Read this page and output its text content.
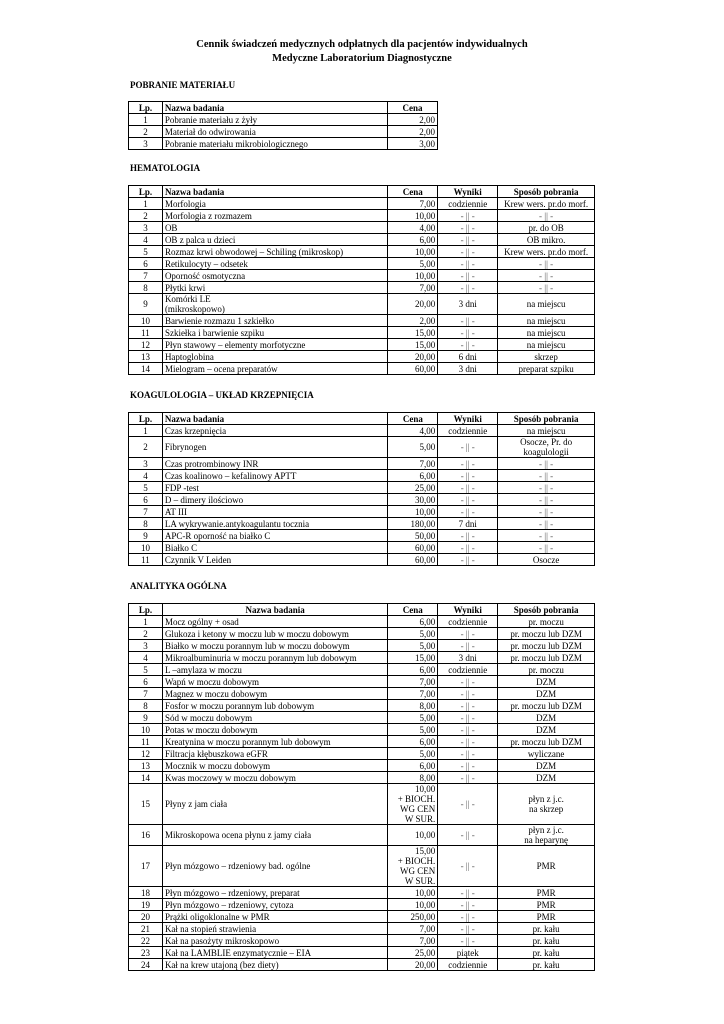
Cennik świadczeń medycznych odpłatnych dla pacjentów indywidualnych
Medyczne Laboratorium Diagnostyczne
POBRANIE MATERIAŁU
Lp.	Nazwa badania	Cena
1	Pobranie materiału z żyły	2,00
2	Materiał do odwirowania	2,00
3	Pobranie materiału mikrobiologicznego	3,00
HEMATOLOGIA
Lp.	Nazwa badania	Cena	Wyniki	Sposób pobrania
1	Morfologia	7,00	codziennie	Krew wers. pr.do morf.
2	Morfologia z rozmazem	10,00	- || -	- || -
3	OB	4,00	- || -	pr. do OB
4	OB z palca u dzieci	6,00	- || -	OB mikro.
5	Rozmaz krwi obwodowej – Schiling (mikroskop)	10,00	- || -	Krew wers. pr.do morf.
6	Retikulocyty – odsetek	5,00	- || -	- || -
7	Oporność osmotyczna	10,00	- || -	- || -
8	Płytki krwi	7,00	- || -	- || -
9	Komórki LE
(mikroskopowo)	20,00	3 dni	na miejscu
10	Barwienie rozmazu 1 szkiełko	2,00	- || -	na miejscu
11	Szkiełka i barwienie szpiku	15,00	- || -	na miejscu
12	Płyn stawowy – elementy morfotyczne	15,00	- || -	na miejscu
13	Haptoglobina	20,00	6 dni	skrzep
14	Mielogram – ocena preparatów	60,00	3 dni	preparat szpiku
KOAGULOLOGIA – UKŁAD KRZEPNIĘCIA
Lp.	Nazwa badania	Cena	Wyniki	Sposób pobrania
1	Czas krzepnięcia	4,00	codziennie	na miejscu
2	Fibrynogen	5,00	- || -	Osocze, Pr. do
koagulologii
3	Czas protrombinowy INR	7,00	- || -	- || -
4	Czas koalinowo – kefalinowy APTT	6,00	- || -	- || -
5	FDP -test	25,00	- || -	- || -
6	D – dimery ilościowo	30,00	- || -	- || -
7	AT III	10,00	- || -	- || -
8	LA wykrywanie.antykoagulantu tocznia	180,00	7 dni	- || -
9	APC-R oporność na białko C	50,00	- || -	- || -
10	Białko C	60,00	- || -	- || -
11	Czynnik V Leiden	60,00	- || -	Osocze
ANALITYKA OGÓLNA
Lp.	Nazwa badania	Cena	Wyniki	Sposób pobrania
1	Mocz ogólny + osad	6,00	codziennie	pr. moczu
2	Glukoza i ketony w moczu lub w moczu dobowym	5,00	- || -	pr. moczu lub DZM
3	Białko w moczu porannym lub w moczu dobowym	5,00	- || -	pr. moczu lub DZM
4	Mikroalbuminuria w moczu porannym lub dobowym	15,00	3 dni	pr. moczu lub DZM
5	L –amylaza w moczu	6,00	codziennie	pr. moczu
6	Wapń w moczu dobowym	7,00	- || -	DZM
7	Magnez w moczu dobowym	7,00	- || -	DZM
8	Fosfor w moczu porannym lub dobowym	8,00	- || -	pr. moczu lub DZM
9	Sód w moczu dobowym	5,00	- || -	DZM
10	Potas w moczu dobowym	5,00	- || -	DZM
11	Kreatynina w moczu porannym lub dobowym	6,00	- || -	pr. moczu lub DZM
12	Filtracja kłębuszkowa eGFR	5,00	- || -	wyliczane
13	Mocznik w moczu dobowym	6,00	- || -	DZM
14	Kwas moczowy w moczu dobowym	8,00	- || -	DZM
15	Płyny z jam ciała	10,00
+ BIOCH.
WG CEN
W SUR.	- || -	płyn z j.c.
na skrzep
16	Mikroskopowa ocena płynu z jamy ciała	10,00	- || -	płyn z j.c.
na heparynę
17	Płyn mózgowo – rdzeniowy bad. ogólne	15,00
+ BIOCH.
WG CEN
W SUR.	- || -	PMR
18	Płyn mózgowo – rdzeniowy, preparat	10,00	- || -	PMR
19	Płyn mózgowo – rdzeniowy, cytoza	10,00	- || -	PMR
20	Prążki oligoklonalne w PMR	250,00	- || -	PMR
21	Kał na stopień strawienia	7,00	- || -	pr. kału
22	Kał na pasożyty mikroskopowo	7,00	- || -	pr. kału
23	Kał na LAMBLIE enzymatycznie – EIA	25,00	piątek	pr. kału
24	Kał na krew utajoną (bez diety)	20,00	codziennie	pr. kału
